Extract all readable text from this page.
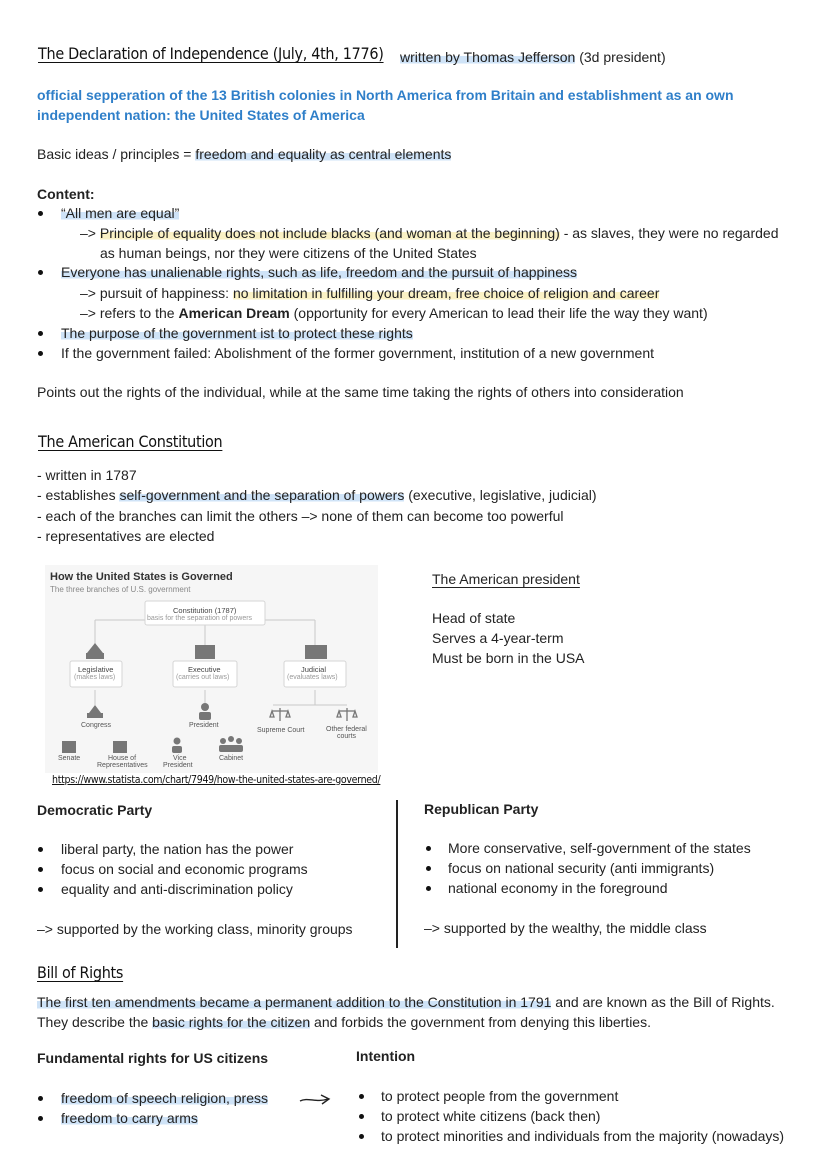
The Declaration of Independence (July, 4th, 1776) written by Thomas Jefferson (3d president)
official sepperation of the 13 British colonies in North America from Britain and establishment as an own
independent nation: the United States of America
Basic ideas / principles = freedom and equality as central elements
Content:
“All men are equal”
–> Principle of equality does not include blacks (and woman at the beginning) - as slaves, they were no regarded
as human beings, nor they were citizens of the United States
Everyone has unalienable rights, such as life, freedom and the pursuit of happiness
–> pursuit of happiness: no limitation in fulfilling your dream, free choice of religion and career
–> refers to the American Dream (opportunity for every American to lead their life the way they want)
The purpose of the government ist to protect these rights
If the government failed: Abolishment of the former government, institution of a new government
Points out the rights of the individual, while at the same time taking the rights of others into consideration
The American Constitution
- written in 1787
- establishes self-government and the separation of powers (executive, legislative, judicial)
- each of the branches can limit the others –> none of them can become too powerful
- representatives are elected
How the United States is Governed
The three branches of U.S. government
Constitution (1787)
basis for the separation of powers
Legislative
(makes laws)
Executive
(carries out laws)
Judicial
(evaluates laws)
Congress	President
Supreme Court	Other federal
courts
Senate	House of
Representatives
Vice
President
Cabinet
https://www.statista.com/chart/7949/how-the-united-states-are-governed/
The American president
Head of state
Serves a 4-year-term
Must be born in the USA
Democratic Party
liberal party, the nation has the power
focus on social and economic programs
equality and anti-discrimination policy
–> supported by the working class, minority groups
Republican Party
More conservative, self-government of the states
focus on national security (anti immigrants)
national economy in the foreground
–> supported by the wealthy, the middle class
Bill of Rights
The first ten amendments became a permanent addition to the Constitution in 1791 and are known as the Bill of Rights.
They describe the basic rights for the citizen and forbids the government from denying this liberties.
Fundamental rights for US citizens	Intention
freedom of speech religion, press
freedom to carry arms
to protect people from the government
to protect white citizens (back then)
to protect minorities and individuals from the majority (nowadays)
